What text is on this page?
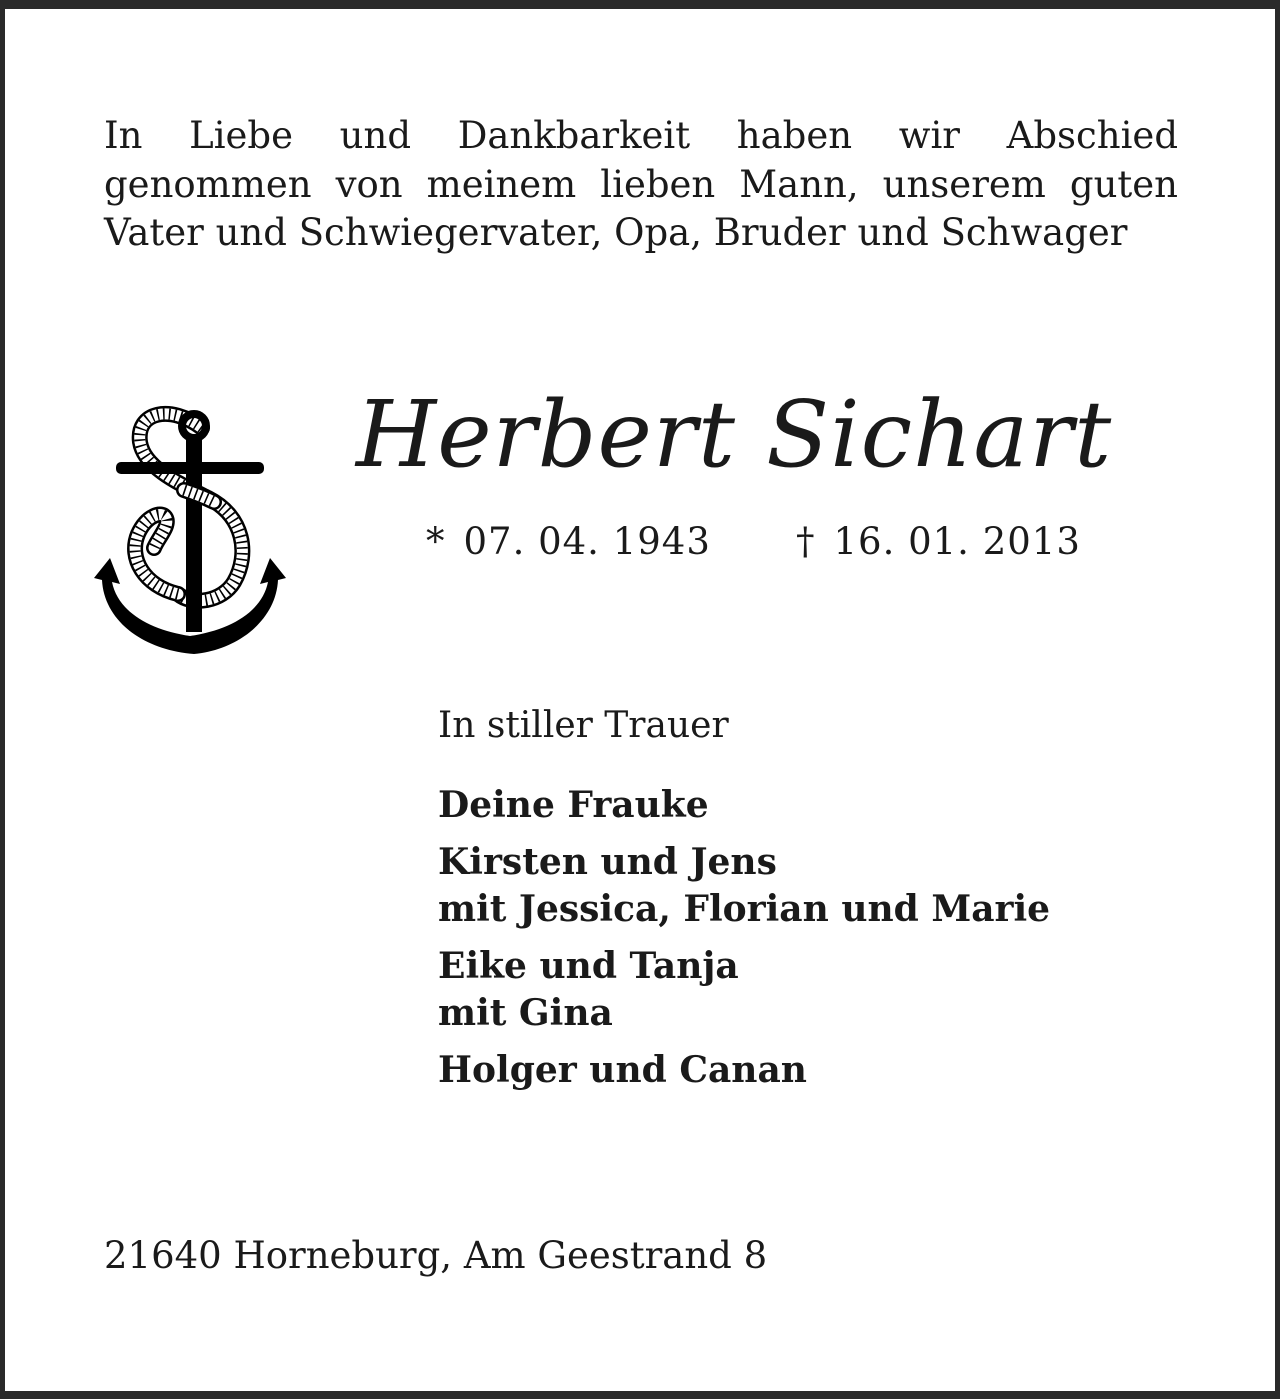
In Liebe und Dankbarkeit haben wir Abschied
genommen von meinem lieben Mann, unserem guten
Vater und Schwiegervater, Opa, Bruder und Schwager
Herbert Sichart
* 07. 04. 1943 † 16. 01. 2013
In stiller Trauer
Deine Frauke
Kirsten und Jens
mit Jessica, Florian und Marie
Eike und Tanja
mit Gina
Holger und Canan
21640 Horneburg, Am Geestrand 8
